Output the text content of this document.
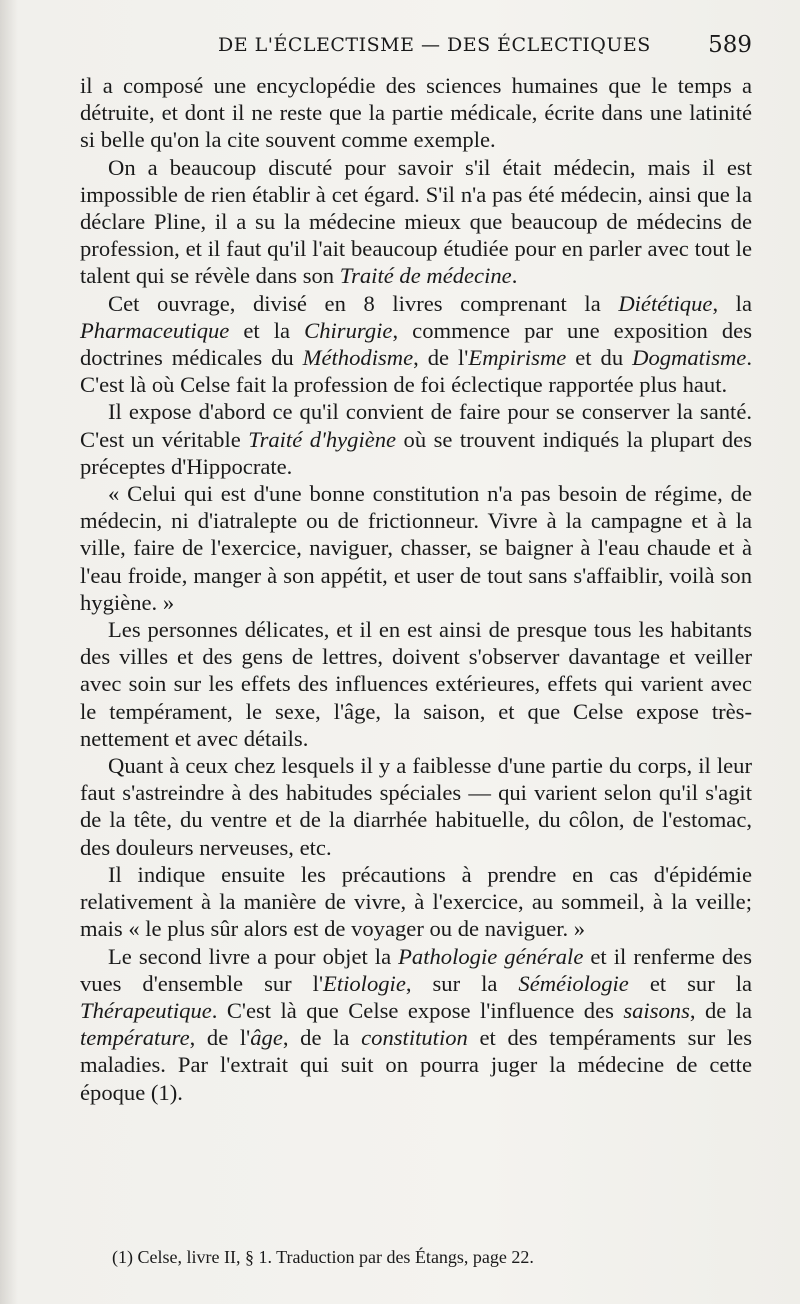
DE L'ÉCLECTISME — DES ÉCLECTIQUES 589

il a composé une encyclopédie des sciences humaines que le temps a détruite, et dont il ne reste que la partie médicale, écrite dans une latinité si belle qu'on la cite souvent comme exemple.

On a beaucoup discuté pour savoir s'il était médecin, mais il est impossible de rien établir à cet égard. S'il n'a pas été médecin, ainsi que la déclare Pline, il a su la médecine mieux que beaucoup de médecins de profession, et il faut qu'il l'ait beaucoup étudiée pour en parler avec tout le talent qui se révèle dans son Traité de médecine.

Cet ouvrage, divisé en 8 livres comprenant la Diététique, la Pharmaceutique et la Chirurgie, commence par une exposition des doctrines médicales du Méthodisme, de l'Empirisme et du Dogmatisme. C'est là où Celse fait la profession de foi éclectique rapportée plus haut.

Il expose d'abord ce qu'il convient de faire pour se conserver la santé. C'est un véritable Traité d'hygiène où se trouvent indiqués la plupart des préceptes d'Hippocrate.

« Celui qui est d'une bonne constitution n'a pas besoin de régime, de médecin, ni d'iatralepte ou de frictionneur. Vivre à la campagne et à la ville, faire de l'exercice, naviguer, chasser, se baigner à l'eau chaude et à l'eau froide, manger à son appétit, et user de tout sans s'affaiblir, voilà son hygiène. »

Les personnes délicates, et il en est ainsi de presque tous les habitants des villes et des gens de lettres, doivent s'observer davantage et veiller avec soin sur les effets des influences extérieures, effets qui varient avec le tempérament, le sexe, l'âge, la saison, et que Celse expose très-nettement et avec détails.

Quant à ceux chez lesquels il y a faiblesse d'une partie du corps, il leur faut s'astreindre à des habitudes spéciales — qui varient selon qu'il s'agit de la tête, du ventre et de la diarrhée habituelle, du côlon, de l'estomac, des douleurs nerveuses, etc.

Il indique ensuite les précautions à prendre en cas d'épidémie relativement à la manière de vivre, à l'exercice, au sommeil, à la veille; mais « le plus sûr alors est de voyager ou de naviguer. »

Le second livre a pour objet la Pathologie générale et il renferme des vues d'ensemble sur l'Etiologie, sur la Séméiologie et sur la Thérapeutique. C'est là que Celse expose l'influence des saisons, de la température, de l'âge, de la constitution et des tempéraments sur les maladies. Par l'extrait qui suit on pourra juger la médecine de cette époque (1).

(1) Celse, livre II, § 1. Traduction par des Étangs, page 22.
